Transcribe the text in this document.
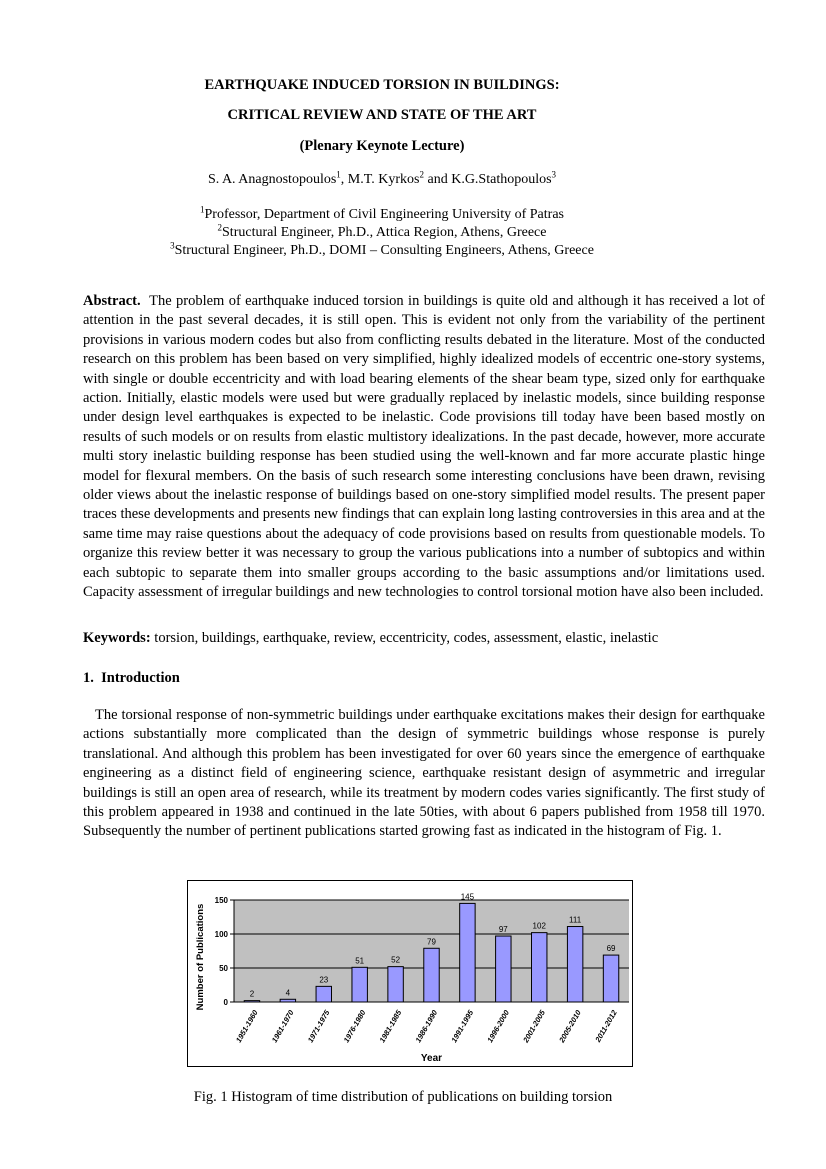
EARTHQUAKE INDUCED TORSION IN BUILDINGS:
CRITICAL REVIEW AND STATE OF THE ART
(Plenary Keynote Lecture)
S. A. Anagnostopoulos$^1$, M.T. Kyrkos$^2$ and K.G.Stathopoulos$^3$
$^1$Professor, Department of Civil Engineering University of Patras
$^2$Structural Engineer, Ph.D., Attica Region, Athens, Greece
$^3$Structural Engineer, Ph.D., DOMI – Consulting Engineers, Athens, Greece

Abstract. The problem of earthquake induced torsion in buildings is quite old and although it has received a lot of attention in the past several decades, it is still open. This is evident not only from the variability of the pertinent provisions in various modern codes but also from conflicting results debated in the literature. Most of the conducted research on this problem has been based on very simplified, highly idealized models of eccentric one-story systems, with single or double eccentricity and with load bearing elements of the shear beam type, sized only for earthquake action. Initially, elastic models were used but were gradually replaced by inelastic models, since building response under design level earthquakes is expected to be inelastic. Code provisions till today have been based mostly on results of such models or on results from elastic multistory idealizations. In the past decade, however, more accurate multi story inelastic building response has been studied using the well-known and far more accurate plastic hinge model for flexural members. On the basis of such research some interesting conclusions have been drawn, revising older views about the inelastic response of buildings based on one-story simplified model results. The present paper traces these developments and presents new findings that can explain long lasting controversies in this area and at the same time may raise questions about the adequacy of code provisions based on results from questionable models. To organize this review better it was necessary to group the various publications into a number of subtopics and within each subtopic to separate them into smaller groups according to the basic assumptions and/or limitations used. Capacity assessment of irregular buildings and new technologies to control torsional motion have also been included.

Keywords: torsion, buildings, earthquake, review, eccentricity, codes, assessment, elastic, inelastic

1. Introduction

The torsional response of non-symmetric buildings under earthquake excitations makes their design for earthquake actions substantially more complicated than the design of symmetric buildings whose response is purely translational. And although this problem has been investigated for over 60 years since the emergence of earthquake engineering as a distinct field of engineering science, earthquake resistant design of asymmetric and irregular buildings is still an open area of research, while its treatment by modern codes varies significantly. The first study of this problem appeared in 1938 and continued in the late 50ties, with about 6 papers published from 1958 till 1970. Subsequently the number of pertinent publications started growing fast as indicated in the histogram of Fig. 1.

0
50
100
150
2
1951-1960
4
1961-1970
23
1971-1975
51
1976-1980
52
1981-1985
79
1986-1990
145
1991-1995
97
1996-2000
102
2001-2005
111
2005-2010
69
2011-2012
Year
Number of Publications
Fig. 1 Histogram of time distribution of publications on building torsion
